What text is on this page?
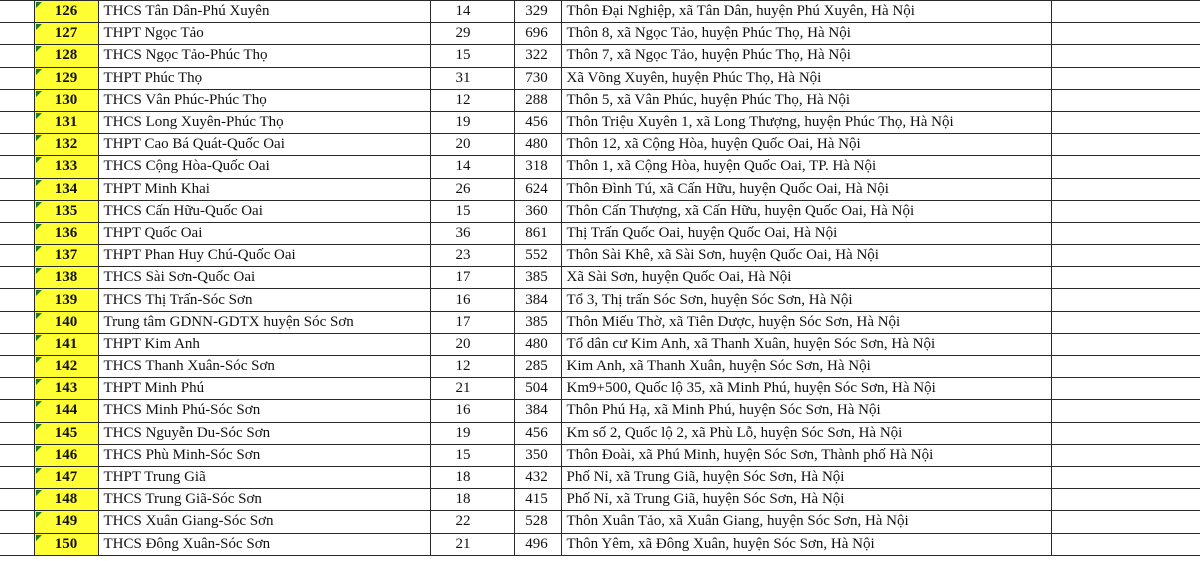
126	THCS Tân Dân-Phú Xuyên	14	329	Thôn Đại Nghiệp, xã Tân Dân, huyện Phú Xuyên, Hà Nội	

127	THPT Ngọc Tảo	29	696	Thôn 8, xã Ngọc Tảo, huyện Phúc Thọ, Hà Nội	

128	THCS Ngọc Tảo-Phúc Thọ	15	322	Thôn 7, xã Ngọc Tảo, huyện Phúc Thọ, Hà Nội	

129	THPT Phúc Thọ	31	730	Xã Võng Xuyên, huyện Phúc Thọ, Hà Nội	

130	THCS Vân Phúc-Phúc Thọ	12	288	Thôn 5, xã Vân Phúc, huyện Phúc Thọ, Hà Nội	

131	THCS Long Xuyên-Phúc Thọ	19	456	Thôn Triệu Xuyên 1, xã Long Thượng, huyện Phúc Thọ, Hà Nội	

132	THPT Cao Bá Quát-Quốc Oai	20	480	Thôn 12, xã Cộng Hòa, huyện Quốc Oai, Hà Nội	

133	THCS Cộng Hòa-Quốc Oai	14	318	Thôn 1, xã Cộng Hòa, huyện Quốc Oai, TP. Hà Nội	

134	THPT Minh Khai	26	624	Thôn Đình Tú, xã Cấn Hữu, huyện Quốc Oai, Hà Nội	

135	THCS Cấn Hữu-Quốc Oai	15	360	Thôn Cấn Thượng, xã Cấn Hữu, huyện Quốc Oai, Hà Nội	

136	THPT Quốc Oai	36	861	Thị Trấn Quốc Oai, huyện Quốc Oai, Hà Nội	

137	THPT Phan Huy Chú-Quốc Oai	23	552	Thôn Sài Khê, xã Sài Sơn, huyện Quốc Oai, Hà Nội	

138	THCS Sài Sơn-Quốc Oai	17	385	Xã Sài Sơn, huyện Quốc Oai, Hà Nội	

139	THCS Thị Trấn-Sóc Sơn	16	384	Tổ 3, Thị trấn Sóc Sơn, huyện Sóc Sơn, Hà Nội	

140	Trung tâm GDNN-GDTX huyện Sóc Sơn	17	385	Thôn Miếu Thờ, xã Tiên Dược, huyện Sóc Sơn, Hà Nội	

141	THPT Kim Anh	20	480	Tổ dân cư Kim Anh, xã Thanh Xuân, huyện Sóc Sơn, Hà Nội	

142	THCS Thanh Xuân-Sóc Sơn	12	285	Kim Anh, xã Thanh Xuân, huyện Sóc Sơn, Hà Nội	

143	THPT Minh Phú	21	504	Km9+500, Quốc lộ 35, xã Minh Phú, huyện Sóc Sơn, Hà Nội	

144	THCS Minh Phú-Sóc Sơn	16	384	Thôn Phú Hạ, xã Minh Phú, huyện Sóc Sơn, Hà Nội	

145	THCS Nguyễn Du-Sóc Sơn	19	456	Km số 2, Quốc lộ 2, xã Phù Lỗ, huyện Sóc Sơn, Hà Nội	

146	THCS Phù Minh-Sóc Sơn	15	350	Thôn Đoài, xã Phú Minh, huyện Sóc Sơn, Thành phố Hà Nội	

147	THPT Trung Giã	18	432	Phố Nỉ, xã Trung Giã, huyện Sóc Sơn, Hà Nội	

148	THCS Trung Giã-Sóc Sơn	18	415	Phố Nỉ, xã Trung Giã, huyện Sóc Sơn, Hà Nội	

149	THCS Xuân Giang-Sóc Sơn	22	528	Thôn Xuân Tảo, xã Xuân Giang, huyện Sóc Sơn, Hà Nội	

150	THCS Đông Xuân-Sóc Sơn	21	496	Thôn Yêm, xã Đông Xuân, huyện Sóc Sơn, Hà Nội	
